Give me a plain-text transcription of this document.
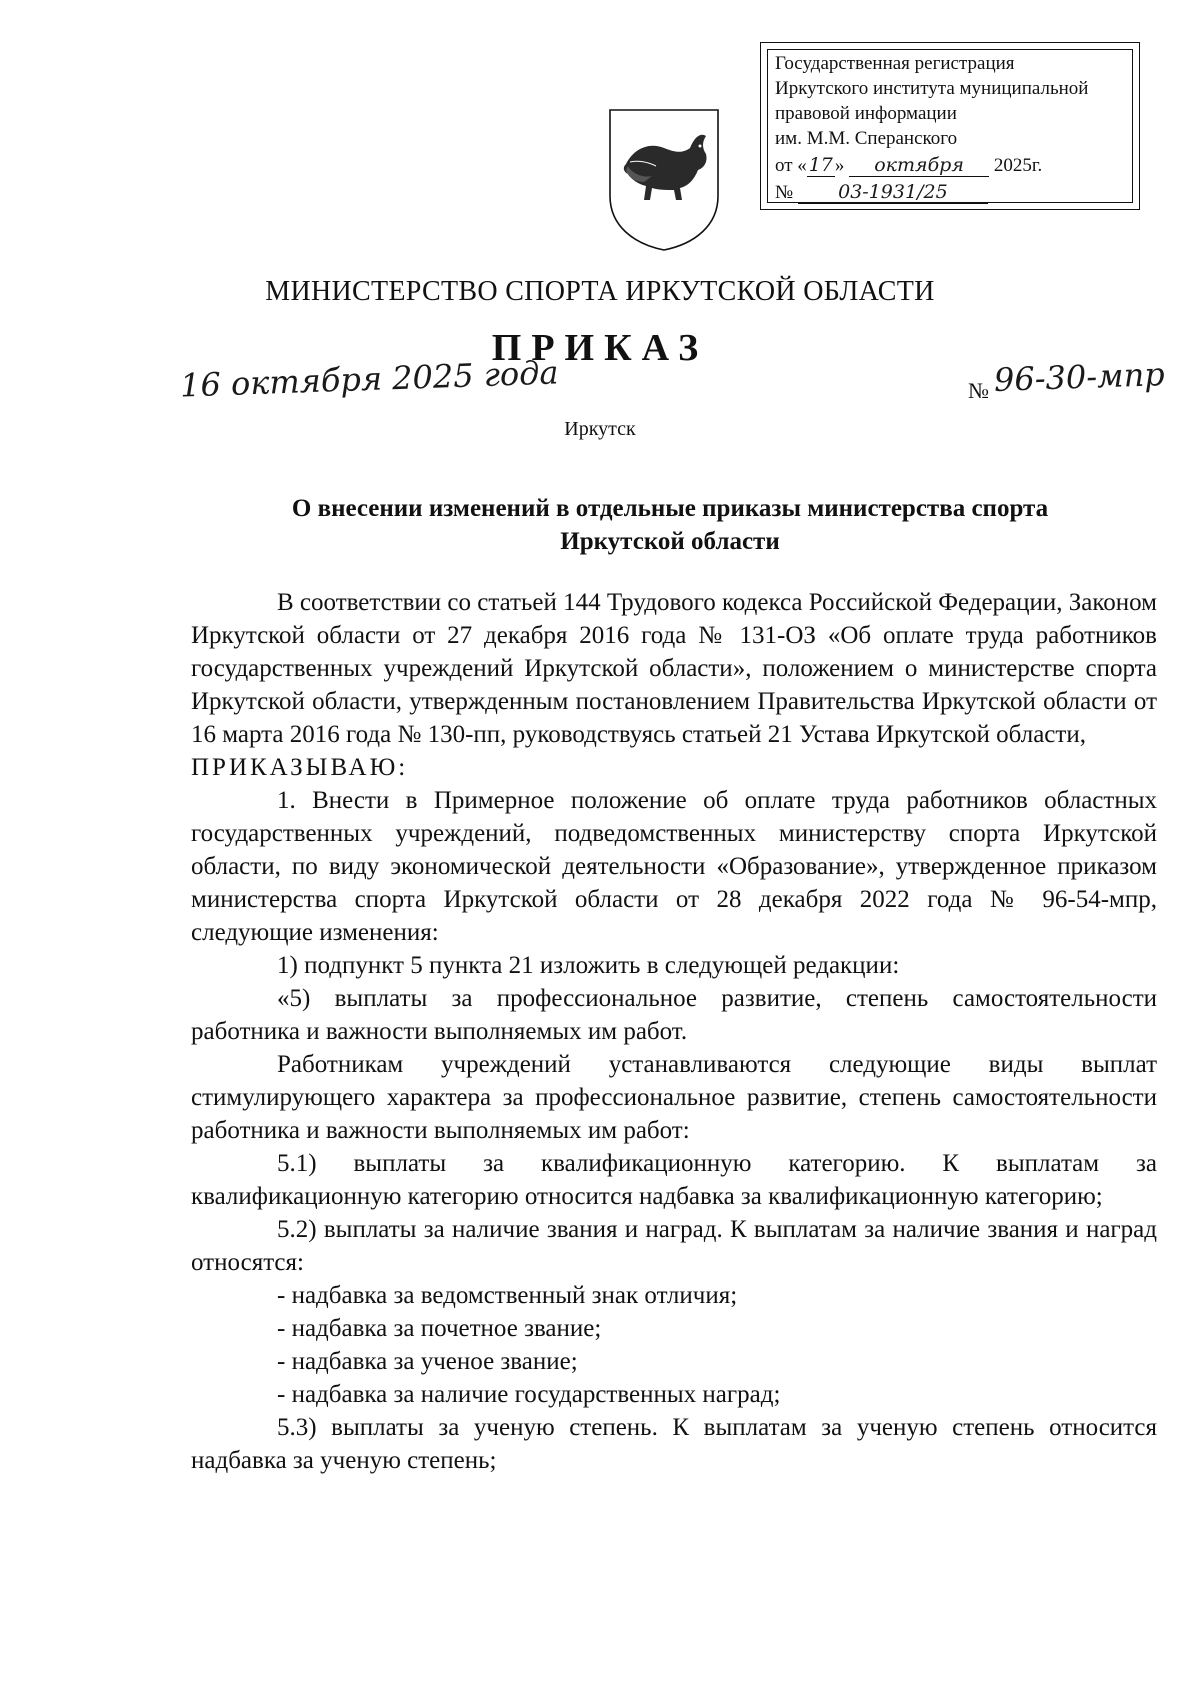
Государственная регистрация
Иркутского института муниципальной
правовой информации
им. М.М. Сперанского
от « 17 » октября 2025г.
№ 03-1931/25
МИНИСТЕРСТВО СПОРТА ИРКУТСКОЙ ОБЛАСТИ
ПРИКАЗ
16 октября 2025 года	№ 96-30-мпр
Иркутск
О внесении изменений в отдельные приказы министерства спорта
Иркутской области

В соответствии со статьей 144 Трудового кодекса Российской Федерации, Законом Иркутской области от 27 декабря 2016 года № 131-ОЗ «Об оплате труда работников государственных учреждений Иркутской области», положением о министерстве спорта Иркутской области, утвержденным постановлением Правительства Иркутской области от 16 марта 2016 года № 130-пп, руководствуясь статьей 21 Устава Иркутской области,

ПРИКАЗЫВАЮ:

1. Внести в Примерное положение об оплате труда работников областных государственных учреждений, подведомственных министерству спорта Иркутской области, по виду экономической деятельности «Образование», утвержденное приказом министерства спорта Иркутской области от 28 декабря 2022 года № 96-54-мпр, следующие изменения:

1) подпункт 5 пункта 21 изложить в следующей редакции:

«5) выплаты за профессиональное развитие, степень самостоятельности работника и важности выполняемых им работ.

Работникам учреждений устанавливаются следующие виды выплат стимулирующего характера за профессиональное развитие, степень самостоятельности работника и важности выполняемых им работ:

5.1) выплаты за квалификационную категорию. К выплатам за квалификационную категорию относится надбавка за квалификационную категорию;

5.2) выплаты за наличие звания и наград. К выплатам за наличие звания и наград относятся:

- надбавка за ведомственный знак отличия;

- надбавка за почетное звание;

- надбавка за ученое звание;

- надбавка за наличие государственных наград;

5.3) выплаты за ученую степень. К выплатам за ученую степень относится надбавка за ученую степень;
